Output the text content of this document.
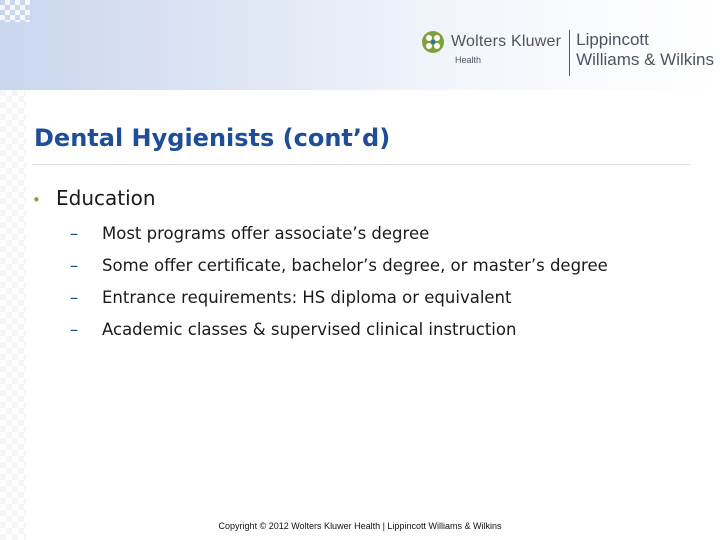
Wolters Kluwer
Health
Lippincott
Williams & Wilkins
Dental Hygienists (cont’d)
• Education
–	Most programs offer associate’s degree
–	Some offer certificate, bachelor’s degree, or master’s degree
–	Entrance requirements: HS diploma or equivalent
–	Academic classes & supervised clinical instruction
Copyright © 2012 Wolters Kluwer Health | Lippincott Williams & Wilkins
